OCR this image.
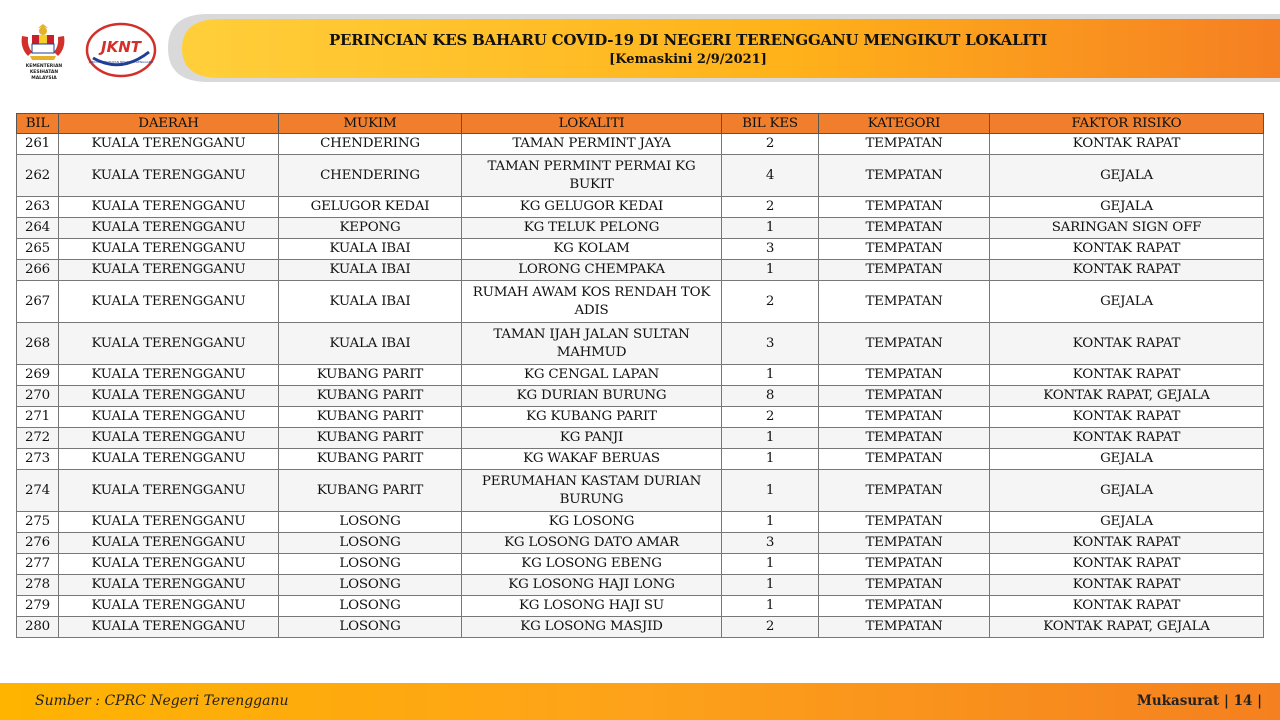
KEMENTERIAN KESIHATAN
MALAYSIA
JKNT
JABATAN KESIHATAN NEGERI TERENGGANU
PERINCIAN KES BAHARU COVID-19 DI NEGERI TERENGGANU MENGIKUT LOKALITI
[Kemaskini 2/9/2021]
BIL	DAERAH	MUKIM	LOKALITI	BIL KES	KATEGORI	FAKTOR RISIKO
261	KUALA TERENGGANU	CHENDERING	TAMAN PERMINT JAYA	2	TEMPATAN	KONTAK RAPAT
262	KUALA TERENGGANU	CHENDERING	TAMAN PERMINT PERMAI KG BUKIT	4	TEMPATAN	GEJALA
263	KUALA TERENGGANU	GELUGOR KEDAI	KG GELUGOR KEDAI	2	TEMPATAN	GEJALA
264	KUALA TERENGGANU	KEPONG	KG TELUK PELONG	1	TEMPATAN	SARINGAN SIGN OFF
265	KUALA TERENGGANU	KUALA IBAI	KG KOLAM	3	TEMPATAN	KONTAK RAPAT
266	KUALA TERENGGANU	KUALA IBAI	LORONG CHEMPAKA	1	TEMPATAN	KONTAK RAPAT
267	KUALA TERENGGANU	KUALA IBAI	RUMAH AWAM KOS RENDAH TOK ADIS	2	TEMPATAN	GEJALA
268	KUALA TERENGGANU	KUALA IBAI	TAMAN IJAH JALAN SULTAN MAHMUD	3	TEMPATAN	KONTAK RAPAT
269	KUALA TERENGGANU	KUBANG PARIT	KG CENGAL LAPAN	1	TEMPATAN	KONTAK RAPAT
270	KUALA TERENGGANU	KUBANG PARIT	KG DURIAN BURUNG	8	TEMPATAN	KONTAK RAPAT, GEJALA
271	KUALA TERENGGANU	KUBANG PARIT	KG KUBANG PARIT	2	TEMPATAN	KONTAK RAPAT
272	KUALA TERENGGANU	KUBANG PARIT	KG PANJI	1	TEMPATAN	KONTAK RAPAT
273	KUALA TERENGGANU	KUBANG PARIT	KG WAKAF BERUAS	1	TEMPATAN	GEJALA
274	KUALA TERENGGANU	KUBANG PARIT	PERUMAHAN KASTAM DURIAN BURUNG	1	TEMPATAN	GEJALA
275	KUALA TERENGGANU	LOSONG	KG LOSONG	1	TEMPATAN	GEJALA
276	KUALA TERENGGANU	LOSONG	KG LOSONG DATO AMAR	3	TEMPATAN	KONTAK RAPAT
277	KUALA TERENGGANU	LOSONG	KG LOSONG EBENG	1	TEMPATAN	KONTAK RAPAT
278	KUALA TERENGGANU	LOSONG	KG LOSONG HAJI LONG	1	TEMPATAN	KONTAK RAPAT
279	KUALA TERENGGANU	LOSONG	KG LOSONG HAJI SU	1	TEMPATAN	KONTAK RAPAT
280	KUALA TERENGGANU	LOSONG	KG LOSONG MASJID	2	TEMPATAN	KONTAK RAPAT, GEJALA
Sumber : CPRC Negeri Terengganu	Mukasurat | 14 |
